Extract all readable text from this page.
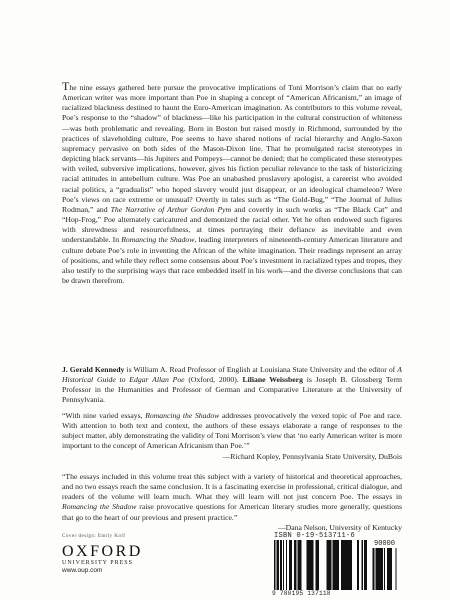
The nine essays gathered here pursue the provocative implications of Toni Morrison’s claim that no early American writer was more important than Poe in shaping a concept of “American Africanism,” an image of racialized blackness destined to haunt the Euro-American imagination. As contributors to this volume reveal, Poe’s response to the “shadow” of blackness—like his participation in the cultural construction of whiteness—was both problematic and revealing. Born in Boston but raised mostly in Richmond, surrounded by the practices of slaveholding culture, Poe seems to have shared notions of racial hierarchy and Anglo-Saxon supremacy pervasive on both sides of the Mason-Dixon line. That he promulgated racist stereotypes in depicting black servants—his Jupiters and Pompeys—cannot be denied; that he complicated these stereotypes with veiled, subversive implications, however, gives his fiction peculiar relevance to the task of historicizing racial attitudes in antebellum culture. Was Poe an unabashed proslavery apologist, a careerist who avoided racial politics, a “gradualist” who hoped slavery would just disappear, or an ideological chameleon? Were Poe’s views on race extreme or unusual? Overtly in tales such as “The Gold-Bug,” “The Journal of Julius Rodman,” and The Narrative of Arthur Gordon Pym and covertly in such works as “The Black Cat” and “Hop-Frog,” Poe alternately caricatured and demonized the racial other. Yet he often endowed such figures with shrewdness and resourcefulness, at times portraying their defiance as inevitable and even understandable. In Romancing the Shadow, leading interpreters of nineteenth-century American literature and culture debate Poe’s role in inventing the African of the white imagination. Their readings represent an array of positions, and while they reflect some consensus about Poe’s investment in racialized types and tropes, they also testify to the surprising ways that race embedded itself in his work—and the diverse conclusions that can be drawn therefrom.

J. Gerald Kennedy is William A. Read Professor of English at Louisiana State University and the editor of A Historical Guide to Edgar Allan Poe (Oxford, 2000). Liliane Weissberg is Joseph B. Glossberg Term Professor in the Humanities and Professor of German and Comparative Literature at the University of Pennsylvania.

“With nine varied essays, Romancing the Shadow addresses provocatively the vexed topic of Poe and race. With attention to both text and context, the authors of these essays elaborate a range of responses to the subject matter, ably demonstrating the validity of Toni Morrison’s view that ‘no early American writer is more important to the concept of American Africanism than Poe.’”
—Richard Kopley, Pennsylvania State University, DuBois

“The essays included in this volume treat this subject with a variety of historical and theoretical approaches, and no two essays reach the same conclusion. It is a fascinating exercise in professional, critical dialogue, and readers of the volume will learn much. What they will learn will not just concern Poe. The essays in Romancing the Shadow raise provocative questions for American literary studies more generally, questions that go to the heart of our previous and present practice.”
—Dana Nelson, University of Kentucky

Cover design: Emily Kolf
OXFORD
UNIVERSITY PRESS
www.oup.com
ISBN 0-19-513711-6
90000
9 780195 137118
